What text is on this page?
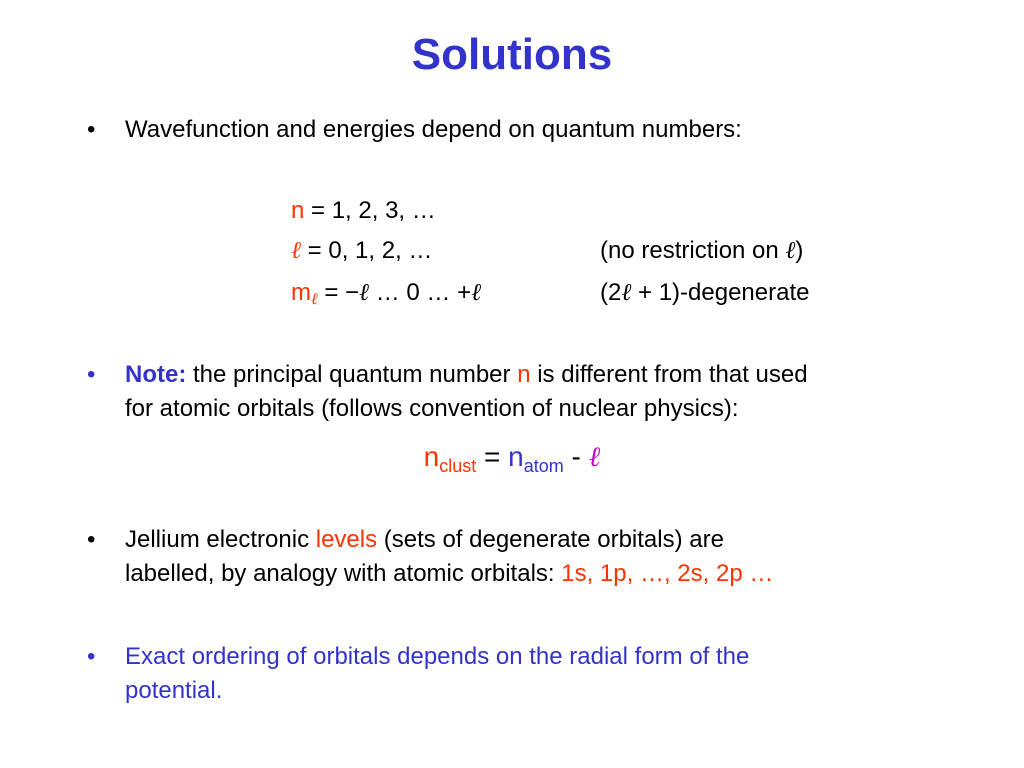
Solutions
• Wavefunction and energies depend on quantum numbers:
n = 1, 2, 3, …
ℓ = 0, 1, 2, …	(no restriction on ℓ)
$m_\ell$ = −ℓ … 0 … +ℓ	(2ℓ + 1)-degenerate
• Note: the principal quantum number n is different from that used
for atomic orbitals (follows convention of nuclear physics):
$n_{clust} = n_{atom}$ - ℓ
• Jellium electronic levels (sets of degenerate orbitals) are
labelled, by analogy with atomic orbitals: 1s, 1p, …, 2s, 2p …
• Exact ordering of orbitals depends on the radial form of the
potential.
